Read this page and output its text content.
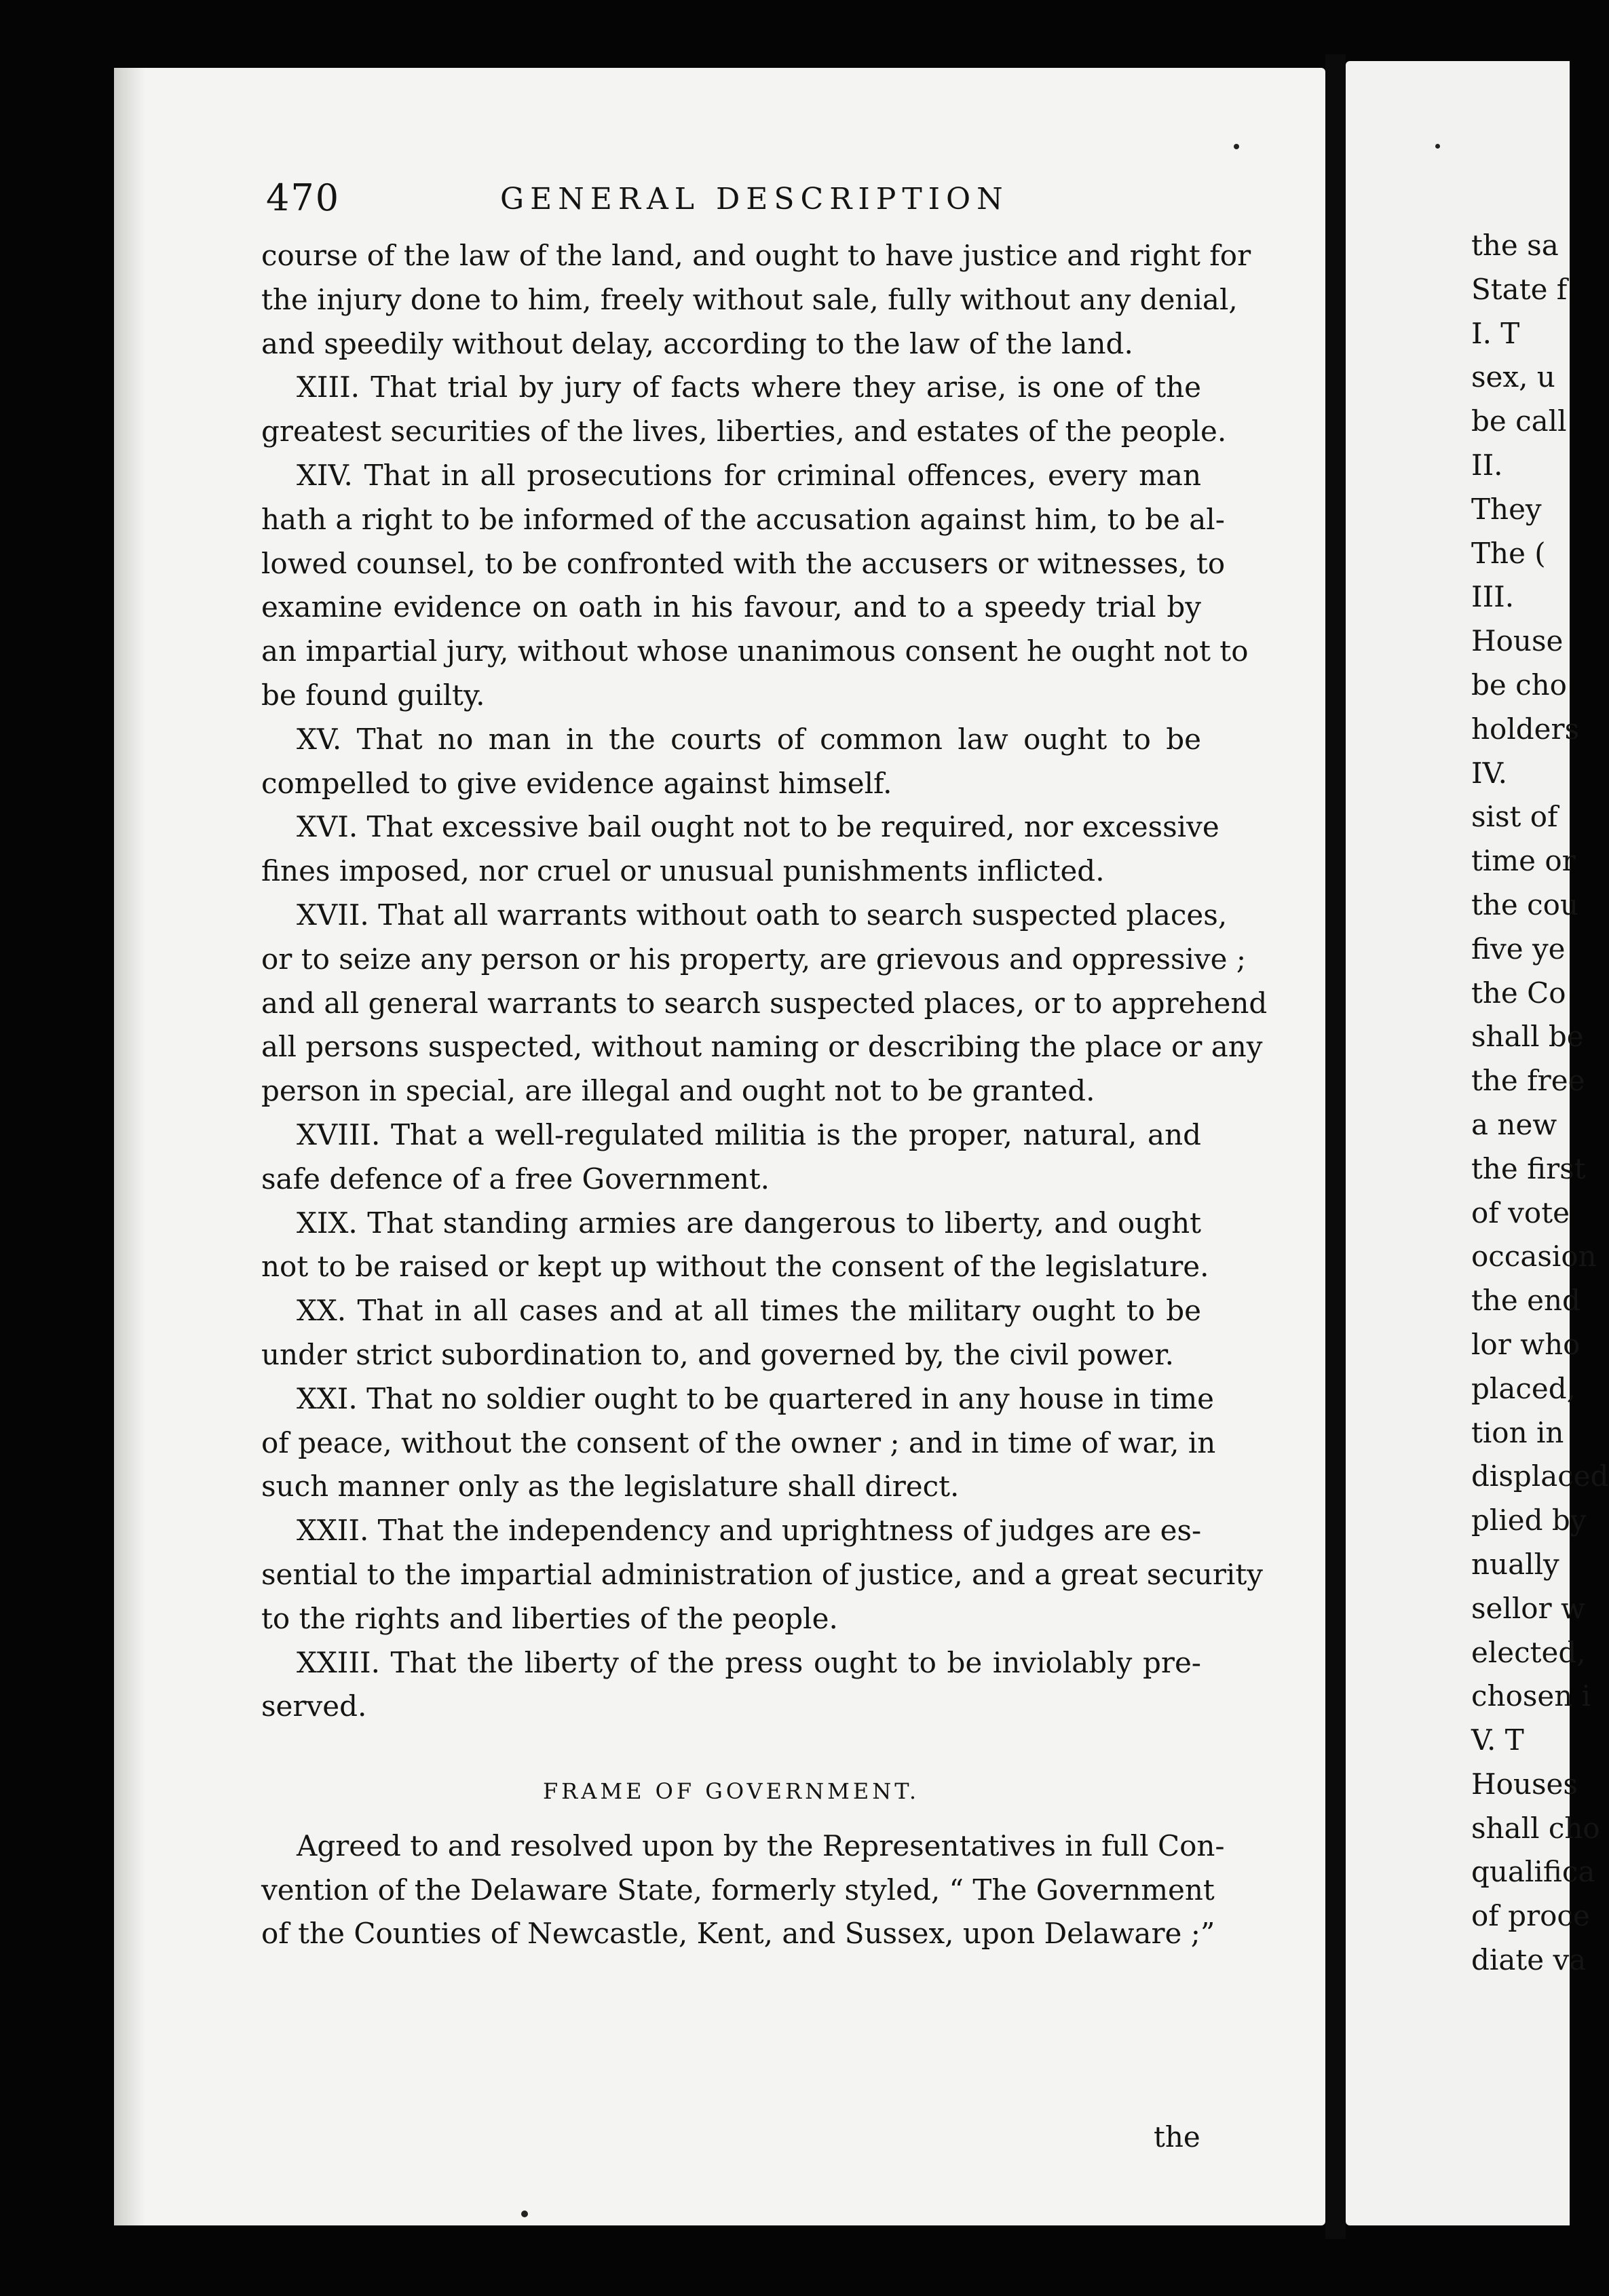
470	GENERAL DESCRIPTION
course of the law of the land, and ought to have justice and right for
the injury done to him, freely without sale, fully without any denial,
and speedily without delay, according to the law of the land.
XIII. That trial by jury of facts where they arise, is one of the
greatest securities of the lives, liberties, and estates of the people.
XIV. That in all prosecutions for criminal offences, every man
hath a right to be informed of the accusation against him, to be al-
lowed counsel, to be confronted with the accusers or witnesses, to
examine evidence on oath in his favour, and to a speedy trial by
an impartial jury, without whose unanimous consent he ought not to
be found guilty.
XV. That no man in the courts of common law ought to be
compelled to give evidence against himself.
XVI. That excessive bail ought not to be required, nor excessive
fines imposed, nor cruel or unusual punishments inflicted.
XVII. That all warrants without oath to search suspected places,
or to seize any person or his property, are grievous and oppressive ;
and all general warrants to search suspected places, or to apprehend
all persons suspected, without naming or describing the place or any
person in special, are illegal and ought not to be granted.
XVIII. That a well-regulated militia is the proper, natural, and
safe defence of a free Government.
XIX. That standing armies are dangerous to liberty, and ought
not to be raised or kept up without the consent of the legislature.
XX. That in all cases and at all times the military ought to be
under strict subordination to, and governed by, the civil power.
XXI. That no soldier ought to be quartered in any house in time
of peace, without the consent of the owner ; and in time of war, in
such manner only as the legislature shall direct.
XXII. That the independency and uprightness of judges are es-
sential to the impartial administration of justice, and a great security
to the rights and liberties of the people.
XXIII. That the liberty of the press ought to be inviolably pre-
served.
FRAME OF GOVERNMENT.
Agreed to and resolved upon by the Representatives in full Con-
vention of the Delaware State, formerly styled, “ The Government
of the Counties of Newcastle, Kent, and Sussex, upon Delaware ;”
the
the sa
State f
I. T
sex, u
be call
II.
They
The (
III.
House
be cho
holders
IV.
sist of
time or
the cou
five ye
the Co
shall be
the free
a new
the first
of vote
occasion
the end
lor who
placed,
tion in
displaced
plied by
nually
sellor w
elected,
chosen i
V. T
Houses
shall cho
qualifica
of proce
diate va
